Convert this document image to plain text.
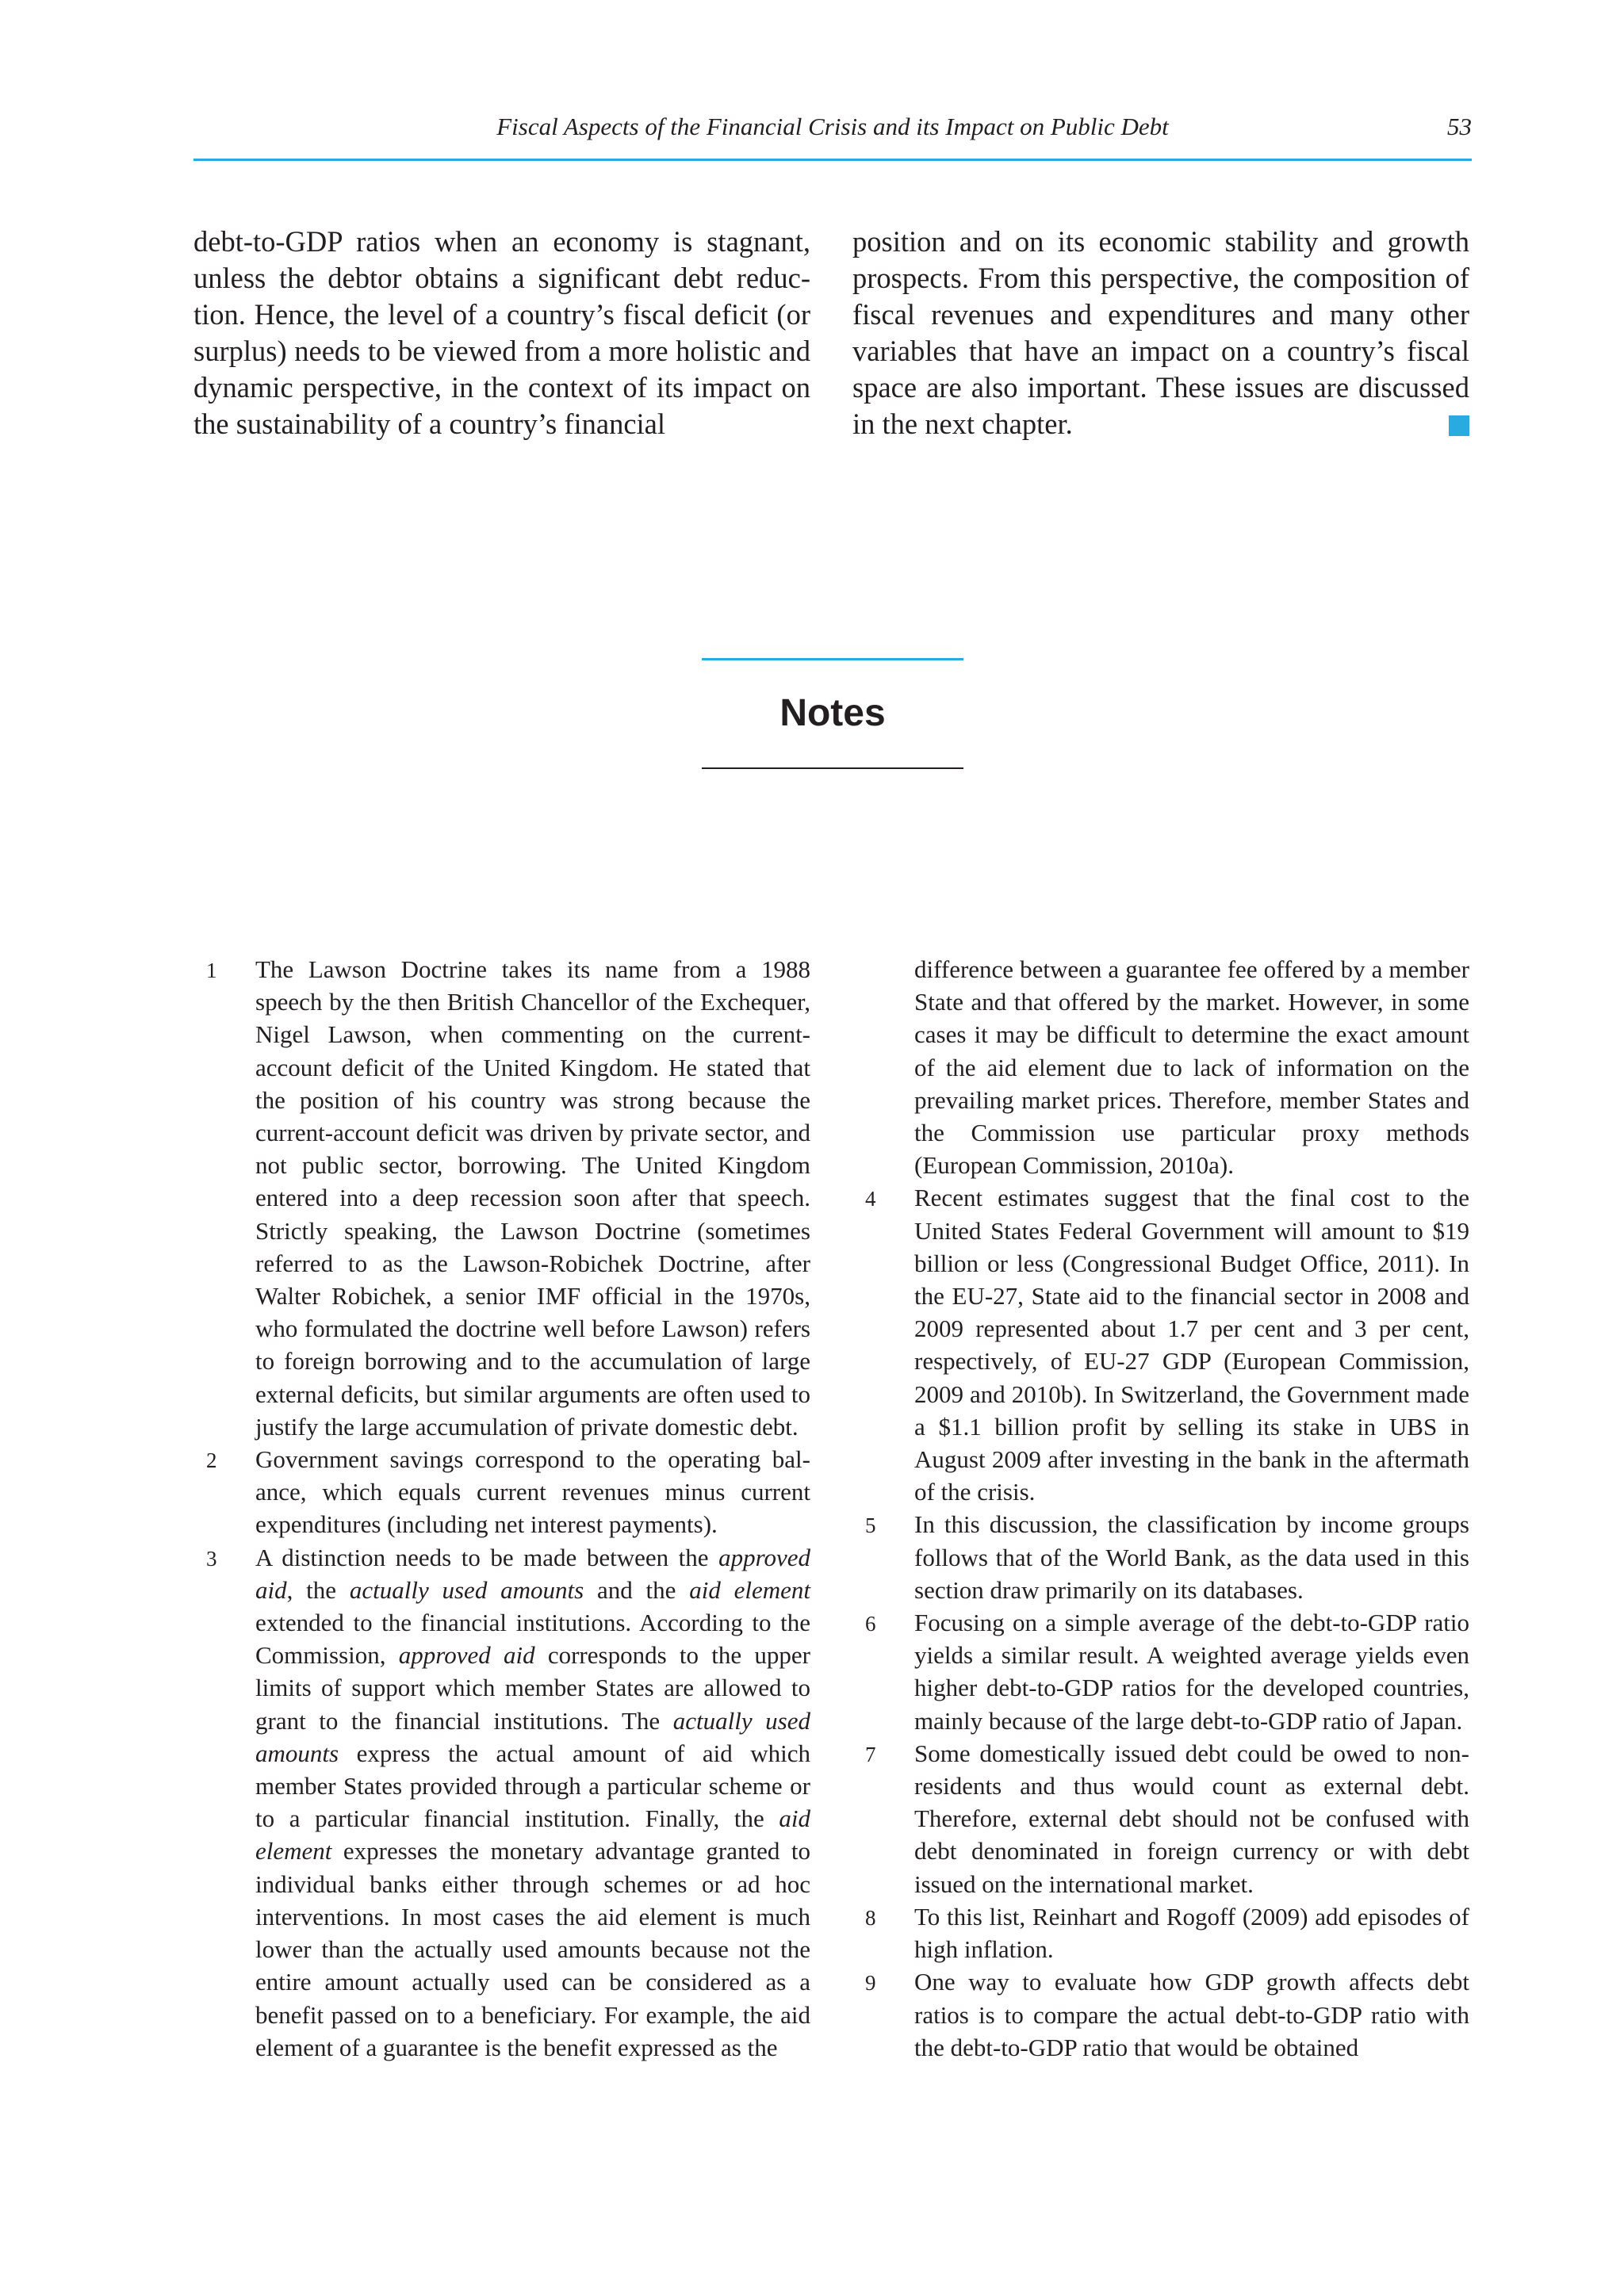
Fiscal Aspects of the Financial Crisis and its Impact on Public Debt	53
debt-to-GDP ratios when an economy is stagnant, unless the debtor obtains a significant debt reduction. Hence, the level of a country’s fiscal deficit (or surplus) needs to be viewed from a more holistic and dynamic perspective, in the context of its impact on the sustainability of a country’s financial
position and on its economic stability and growth prospects. From this perspective, the composition of fiscal revenues and expenditures and many other variables that have an impact on a country’s fiscal space are also important. These issues are discussed in the next chapter.
Notes
1 The Lawson Doctrine takes its name from a 1988 speech by the then British Chancellor of the Exchequer, Nigel Lawson, when commenting on the current-account deficit of the United Kingdom. He stated that the position of his country was strong because the current-account deficit was driven by private sector, and not public sector, borrowing. The United Kingdom entered into a deep recession soon after that speech. Strictly speaking, the Lawson Doctrine (sometimes referred to as the Lawson-Robichek Doctrine, after Walter Robichek, a senior IMF official in the 1970s, who formulated the doctrine well before Lawson) refers to foreign borrowing and to the accumulation of large external deficits, but similar arguments are often used to justify the large accumulation of private domestic debt.
2 Government savings correspond to the operating balance, which equals current revenues minus current expenditures (including net interest payments).
3 A distinction needs to be made between the approved aid, the actually used amounts and the aid element extended to the financial institutions. According to the Commission, approved aid corresponds to the upper limits of support which member States are allowed to grant to the financial institutions. The actually used amounts express the actual amount of aid which member States provided through a particular scheme or to a particular financial institution. Finally, the aid element expresses the monetary advantage granted to individual banks either through schemes or ad hoc interventions. In most cases the aid element is much lower than the actually used amounts because not the entire amount actually used can be considered as a benefit passed on to a beneficiary. For example, the aid element of a guarantee is the benefit expressed as the
difference between a guarantee fee offered by a member State and that offered by the market. However, in some cases it may be difficult to determine the exact amount of the aid element due to lack of information on the prevailing market prices. Therefore, member States and the Commission use particular proxy methods (European Commission, 2010a).
4 Recent estimates suggest that the final cost to the United States Federal Government will amount to $19 billion or less (Congressional Budget Office, 2011). In the EU-27, State aid to the financial sector in 2008 and 2009 represented about 1.7 per cent and 3 per cent, respectively, of EU-27 GDP (European Commission, 2009 and 2010b). In Switzerland, the Government made a $1.1 billion profit by selling its stake in UBS in August 2009 after investing in the bank in the aftermath of the crisis.
5 In this discussion, the classification by income groups follows that of the World Bank, as the data used in this section draw primarily on its databases.
6 Focusing on a simple average of the debt-to-GDP ratio yields a similar result. A weighted average yields even higher debt-to-GDP ratios for the developed countries, mainly because of the large debt-to-GDP ratio of Japan.
7 Some domestically issued debt could be owed to non-residents and thus would count as external debt. Therefore, external debt should not be confused with debt denominated in foreign currency or with debt issued on the international market.
8 To this list, Reinhart and Rogoff (2009) add episodes of high inflation.
9 One way to evaluate how GDP growth affects debt ratios is to compare the actual debt-to-GDP ratio with the debt-to-GDP ratio that would be obtained
